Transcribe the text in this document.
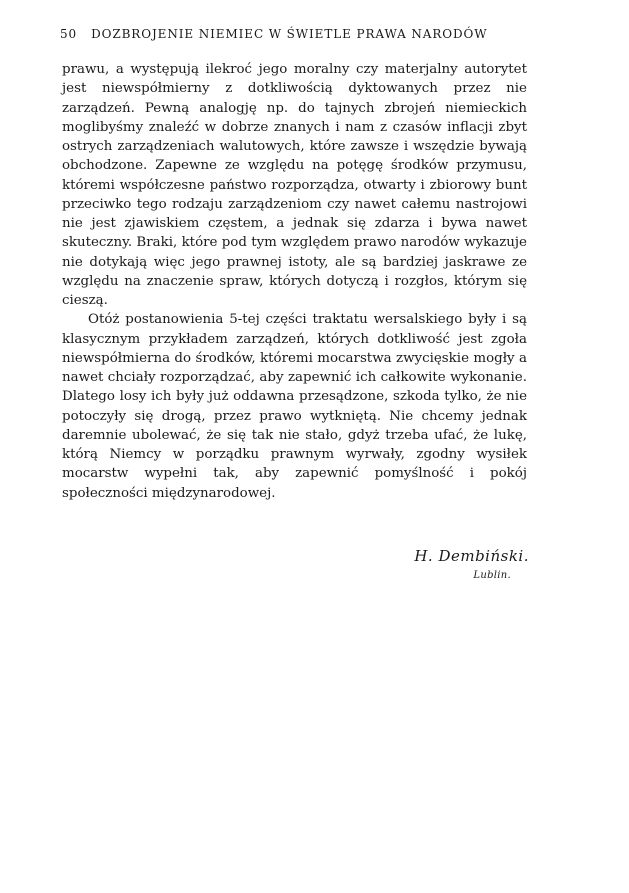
50 DOZBROJENIE NIEMIEC W ŚWIETLE PRAWA NARODÓW

prawu, a występują ilekroć jego moralny czy materjalny autorytet jest niewspółmierny z dotkliwością dyktowanych przez nie zarządzeń. Pewną analogję np. do tajnych zbrojeń niemieckich moglibyśmy znaleźć w dobrze znanych i nam z czasów inflacji zbyt ostrych zarządzeniach walutowych, które zawsze i wszędzie bywają obchodzone. Zapewne ze względu na potęgę środków przymusu, któremi współczesne państwo rozporządza, otwarty i zbiorowy bunt przeciwko tego rodzaju zarządzeniom czy nawet całemu nastrojowi nie jest zjawiskiem częstem, a jednak się zdarza i bywa nawet skuteczny. Braki, które pod tym względem prawo narodów wykazuje nie dotykają więc jego prawnej istoty, ale są bardziej jaskrawe ze względu na znaczenie spraw, których dotyczą i rozgłos, którym się cieszą.

Otóż postanowienia 5-tej części traktatu wersalskiego były i są klasycznym przykładem zarządzeń, których dotkliwość jest zgoła niewspółmierna do środków, któremi mocarstwa zwycięskie mogły a nawet chciały rozporządzać, aby zapewnić ich całkowite wykonanie. Dlatego losy ich były już oddawna przesądzone, szkoda tylko, że nie potoczyły się drogą, przez prawo wytkniętą. Nie chcemy jednak daremnie ubolewać, że się tak nie stało, gdyż trzeba ufać, że lukę, którą Niemcy w porządku prawnym wyrwały, zgodny wysiłek mocarstw wypełni tak, aby zapewnić pomyślność i pokój społeczności międzynarodowej.

H. Dembiński.
Lublin.
